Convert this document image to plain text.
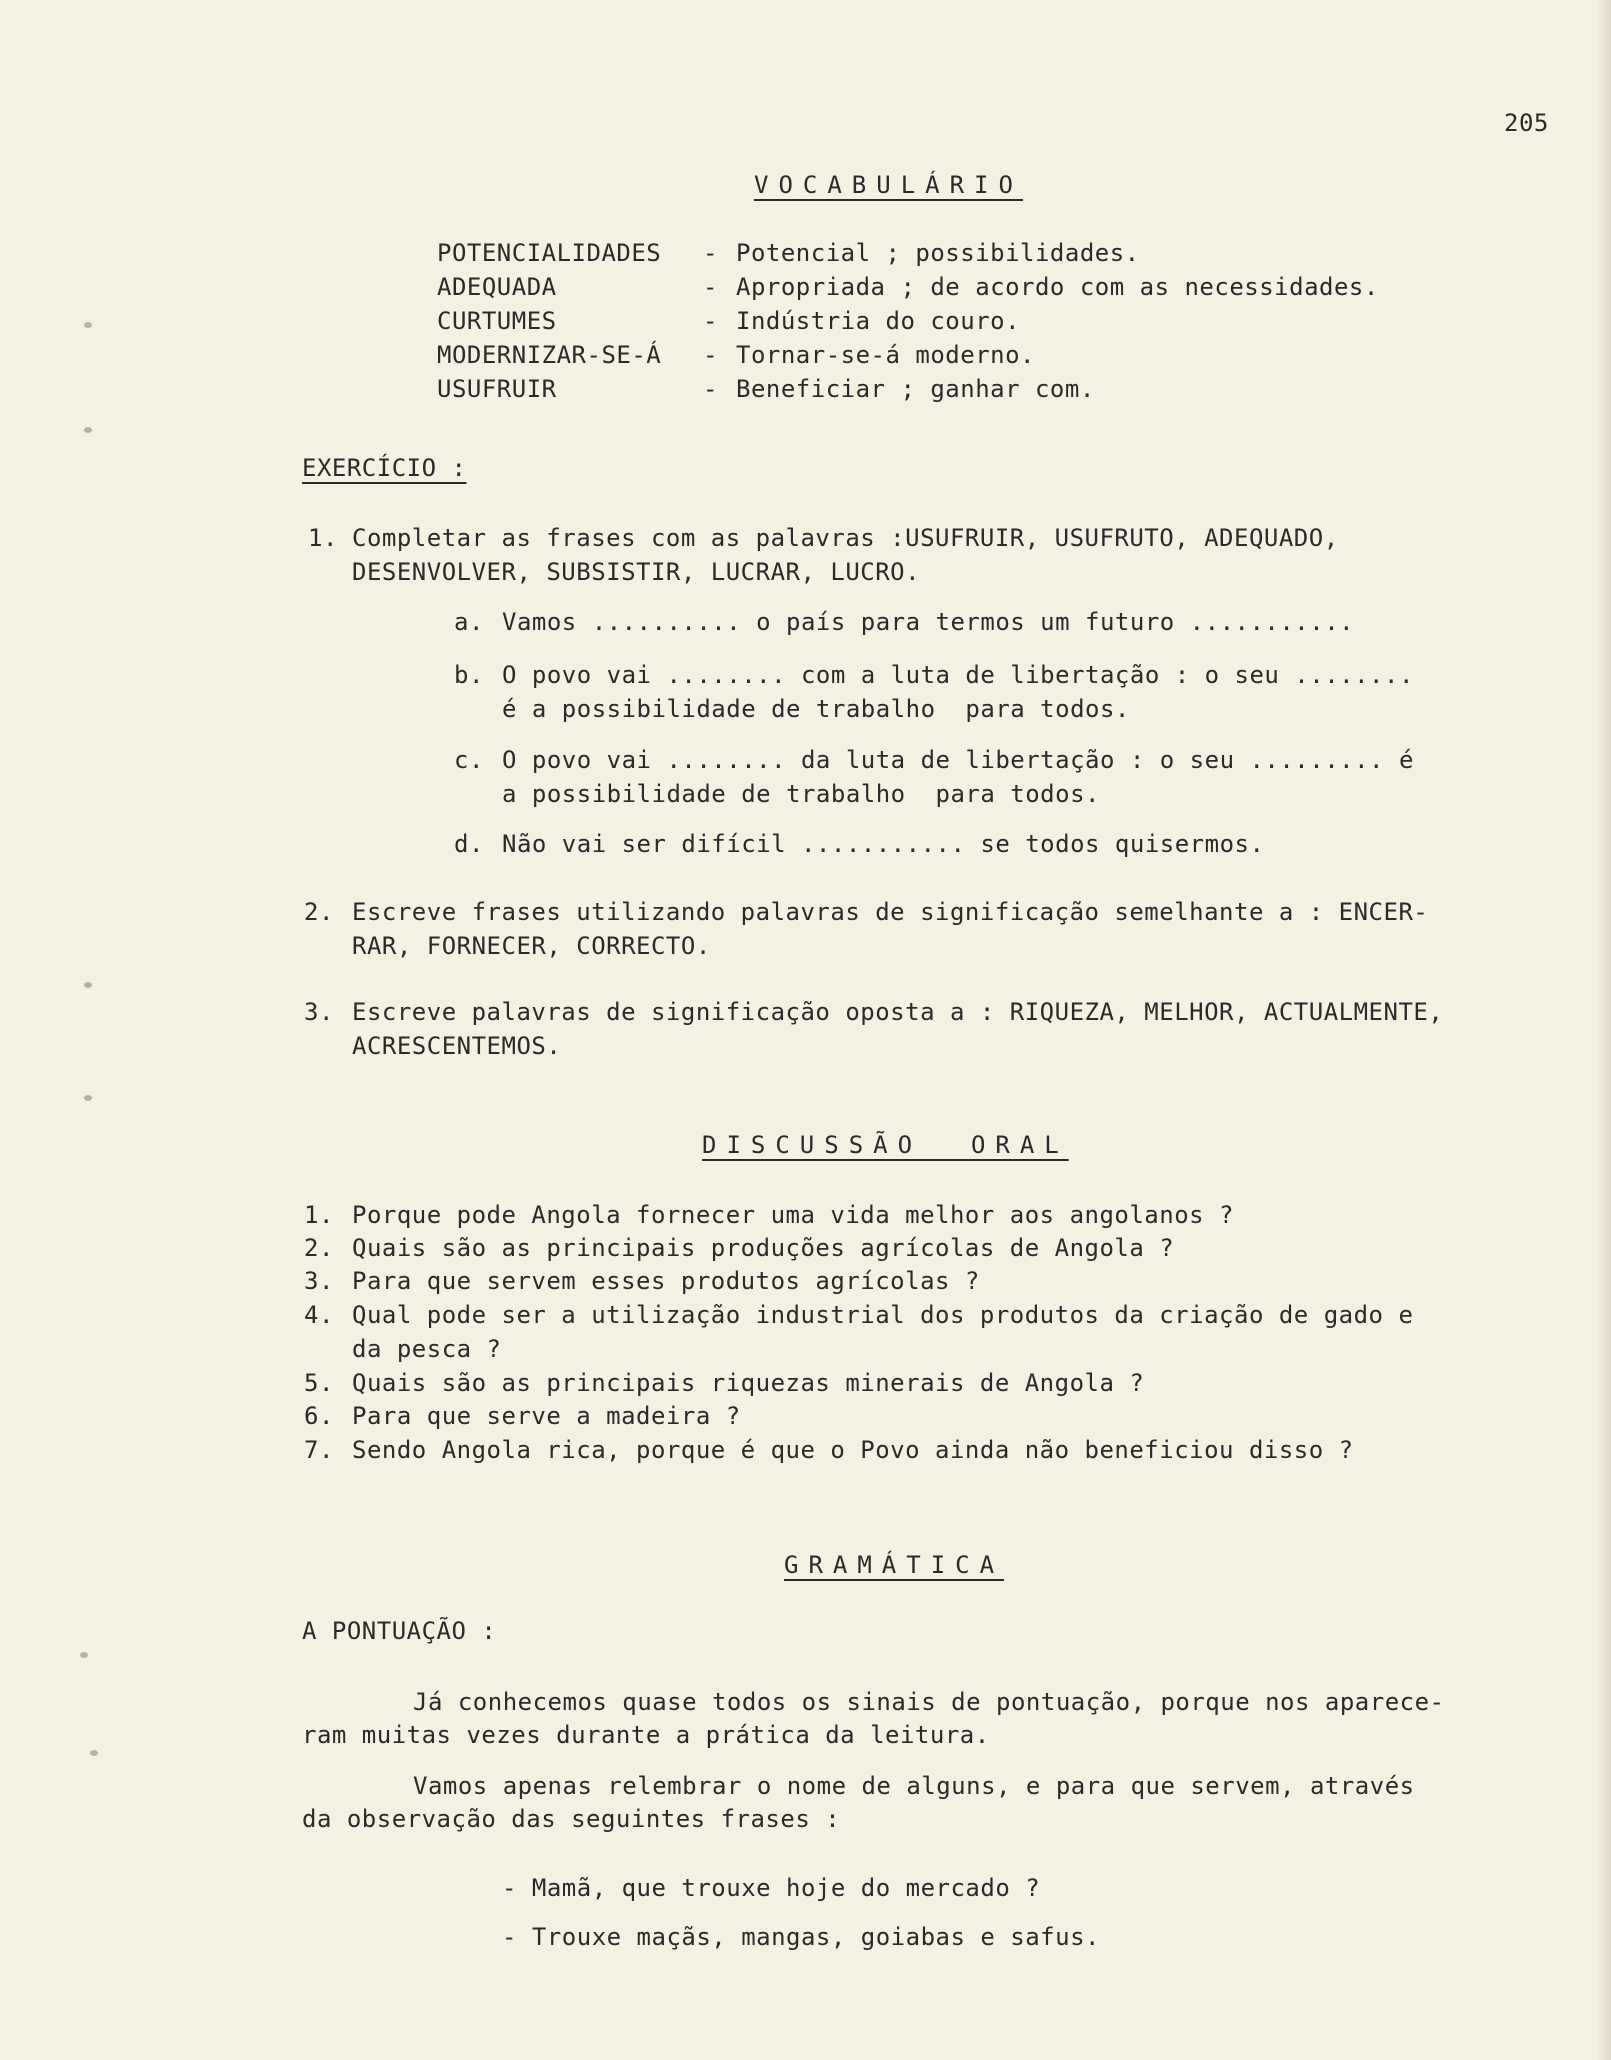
205
VOCABULÁRIO
POTENCIALIDADES - Potencial ; possibilidades.
ADEQUADA	- Apropriada ; de acordo com as necessidades.
CURTUMES	- Indústria do couro.
MODERNIZAR-SE-Á - Tornar-se-á moderno.
USUFRUIR	- Beneficiar ; ganhar com.
EXERCÍCIO :
1. Completar as frases com as palavras :USUFRUIR, USUFRUTO, ADEQUADO,
DESENVOLVER, SUBSISTIR, LUCRAR, LUCRO.
a. Vamos .......... o país para termos um futuro ...........
b. O povo vai ........ com a luta de libertação : o seu ........
é a possibilidade de trabalho  para todos.
c. O povo vai ........ da luta de libertação : o seu ......... é
a possibilidade de trabalho  para todos.
d. Não vai ser difícil ........... se todos quisermos.
2. Escreve frases utilizando palavras de significação semelhante a : ENCER-
RAR, FORNECER, CORRECTO.
3. Escreve palavras de significação oposta a : RIQUEZA, MELHOR, ACTUALMENTE,
ACRESCENTEMOS.
DISCUSSÃO  ORAL
1. Porque pode Angola fornecer uma vida melhor aos angolanos ?
2. Quais são as principais produções agrícolas de Angola ?
3. Para que servem esses produtos agrícolas ?
4. Qual pode ser a utilização industrial dos produtos da criação de gado e
da pesca ?
5. Quais são as principais riquezas minerais de Angola ?
6. Para que serve a madeira ?
7. Sendo Angola rica, porque é que o Povo ainda não beneficiou disso ?
GRAMÁTICA
A PONTUAÇÃO :
Já conhecemos quase todos os sinais de pontuação, porque nos aparece-
ram muitas vezes durante a prática da leitura.
Vamos apenas relembrar o nome de alguns, e para que servem, através
da observação das seguintes frases :
- Mamã, que trouxe hoje do mercado ?
- Trouxe maçãs, mangas, goiabas e safus.
